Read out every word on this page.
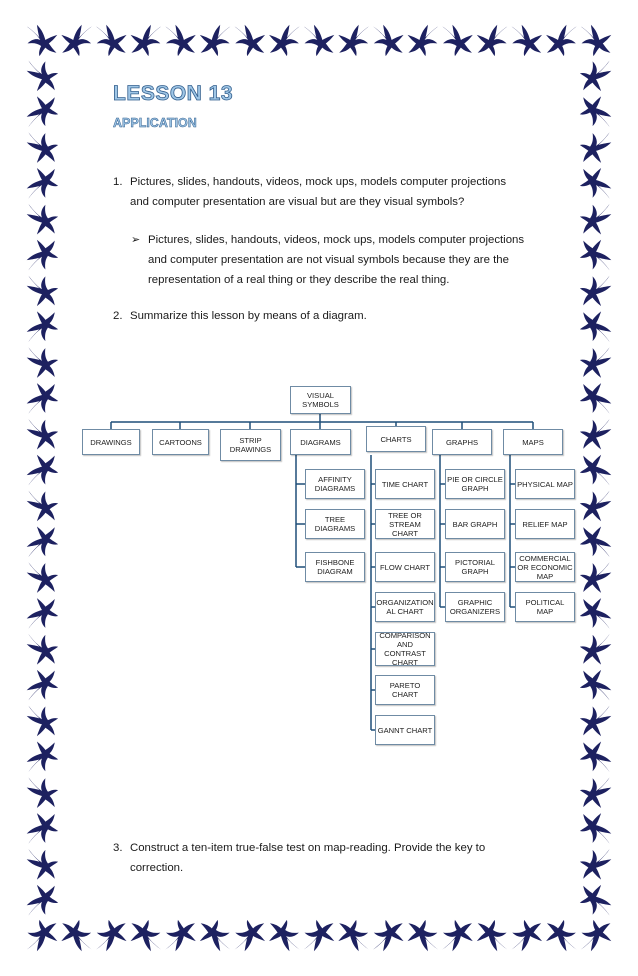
LESSON 13
APPLICATION
1. Pictures, slides, handouts, videos, mock ups, models computer projections
and computer presentation are visual but are they visual symbols?
➢ Pictures, slides, handouts, videos, mock ups, models computer projections
and computer presentation are not visual symbols because they are the
representation of a real thing or they describe the real thing.
2. Summarize this lesson by means of a diagram.
3. Construct a ten-item true-false test on map-reading. Provide the key to
correction.
VISUAL SYMBOLS
DRAWINGS	CARTOONS	STRIP DRAWINGS
DIAGRAMS	CHARTS	GRAPHS	MAPS
AFFINITY DIAGRAMS
TREE DIAGRAMS
FISHBONE DIAGRAM
TIME CHART
TREE OR STREAM CHART
FLOW CHART
ORGANIZATION AL CHART
COMPARISON AND CONTRAST CHART
PARETO CHART
GANNT CHART
PIE OR CIRCLE GRAPH
BAR GRAPH
PICTORIAL GRAPH
GRAPHIC ORGANIZERS
PHYSICAL MAP
RELIEF MAP
COMMERCIAL OR ECONOMIC MAP
POLITICAL MAP
